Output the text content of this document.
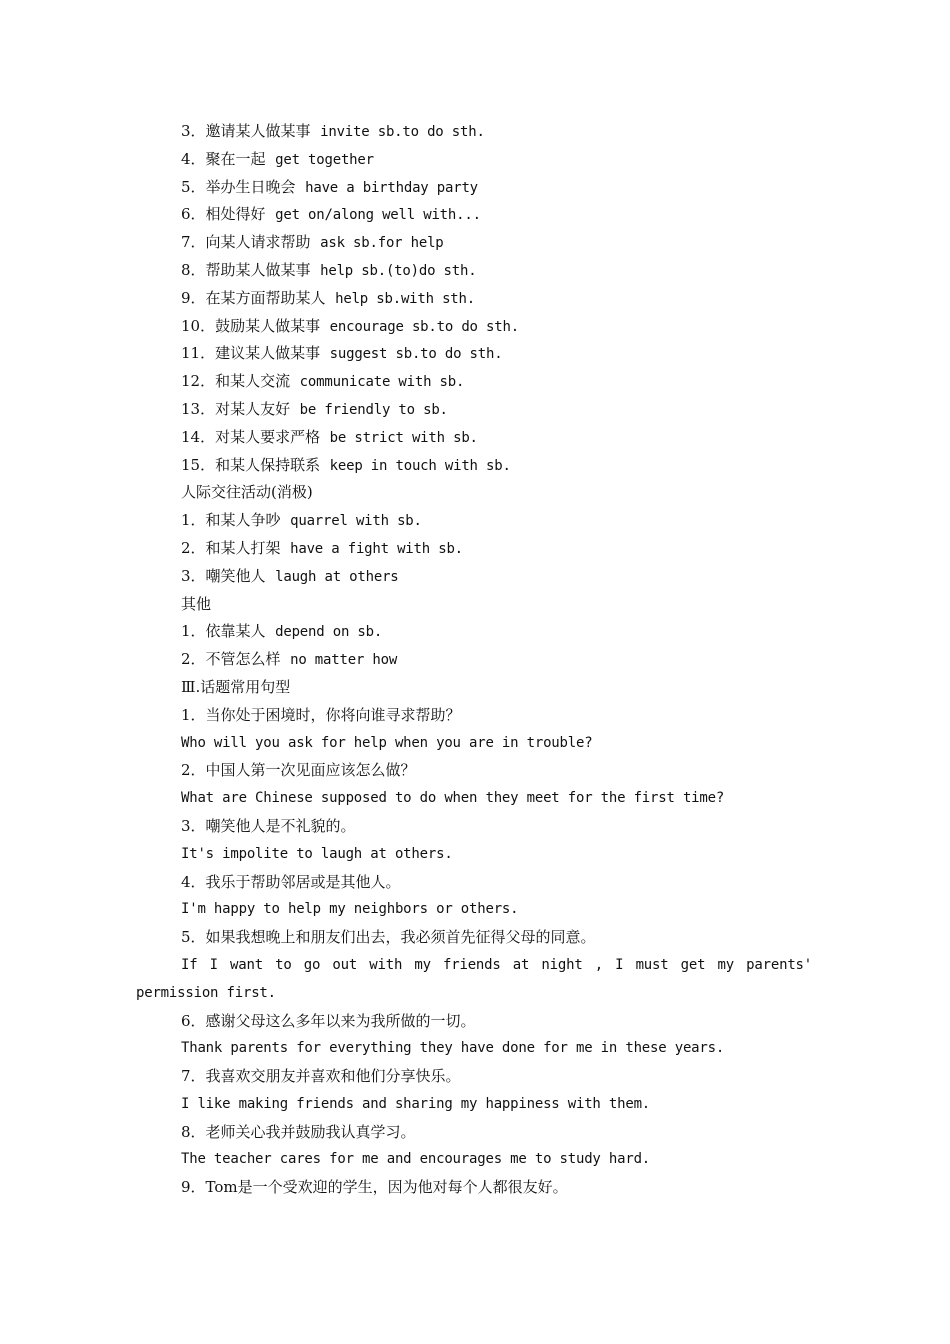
3．邀请某人做某事 invite sb.to do sth.
4．聚在一起 get together
5．举办生日晚会 have a birthday party
6．相处得好 get on/along well with...
7．向某人请求帮助 ask sb.for help
8．帮助某人做某事 help sb.(to)do sth.
9．在某方面帮助某人 help sb.with sth.
10．鼓励某人做某事 encourage sb.to do sth.
11．建议某人做某事 suggest sb.to do sth.
12．和某人交流 communicate with sb.
13．对某人友好 be friendly to sb.
14．对某人要求严格 be strict with sb.
15．和某人保持联系 keep in touch with sb.
人际交往活动(消极)
1．和某人争吵 quarrel with sb.
2．和某人打架 have a fight with sb.
3．嘲笑他人 laugh at others
其他
1．依靠某人 depend on sb.
2．不管怎么样 no matter how
Ⅲ.话题常用句型
1．当你处于困境时，你将向谁寻求帮助？
Who will you ask for help when you are in trouble?
2．中国人第一次见面应该怎么做？
What are Chinese supposed to do when they meet for the first time?
3．嘲笑他人是不礼貌的。
It's impolite to laugh at others.
4．我乐于帮助邻居或是其他人。
I'm happy to help my neighbors or others.
5．如果我想晚上和朋友们出去，我必须首先征得父母的同意。
If I want to go out with my friends at night , I must get my parents'
permission first.
6．感谢父母这么多年以来为我所做的一切。
Thank parents for everything they have done for me in these years.
7．我喜欢交朋友并喜欢和他们分享快乐。
I like making friends and sharing my happiness with them.
8．老师关心我并鼓励我认真学习。
The teacher cares for me and encourages me to study hard.
9．Tom是一个受欢迎的学生，因为他对每个人都很友好。
